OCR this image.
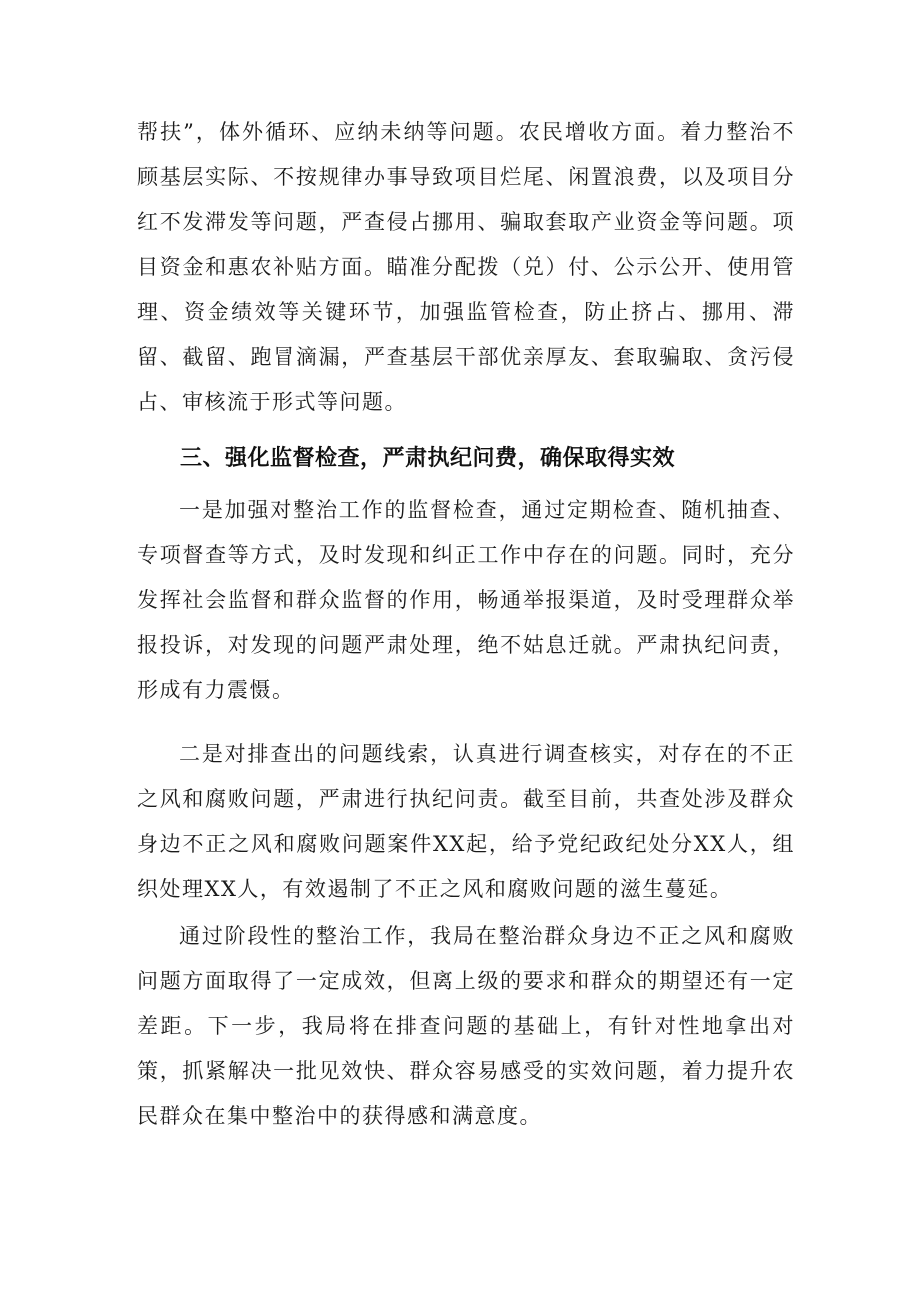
帮扶”，体外循环、应纳未纳等问题。农民增收方面。着力整治不顾基层实际、不按规律办事导致项目烂尾、闲置浪费，以及项目分红不发滞发等问题，严查侵占挪用、骗取套取产业资金等问题。项目资金和惠农补贴方面。瞄准分配拨（兑）付、公示公开、使用管理、资金绩效等关键环节，加强监管检查，防止挤占、挪用、滞留、截留、跑冒滴漏，严查基层干部优亲厚友、套取骗取、贪污侵占、审核流于形式等问题。

三、强化监督检查，严肃执纪问费，确保取得实效

一是加强对整治工作的监督检查，通过定期检查、随机抽查、专项督查等方式，及时发现和纠正工作中存在的问题。同时，充分发挥社会监督和群众监督的作用，畅通举报渠道，及时受理群众举报投诉，对发现的问题严肃处理，绝不姑息迁就。严肃执纪问责，形成有力震慑。

二是对排查出的问题线索，认真进行调查核实，对存在的不正之风和腐败问题，严肃进行执纪问责。截至目前，共查处涉及群众身边不正之风和腐败问题案件XX起，给予党纪政纪处分XX人，组织处理XX人，有效遏制了不正之风和腐败问题的滋生蔓延。

通过阶段性的整治工作，我局在整治群众身边不正之风和腐败问题方面取得了一定成效，但离上级的要求和群众的期望还有一定差距。下一步，我局将在排查问题的基础上，有针对性地拿出对策，抓紧解决一批见效快、群众容易感受的实效问题，着力提升农民群众在集中整治中的获得感和满意度。
